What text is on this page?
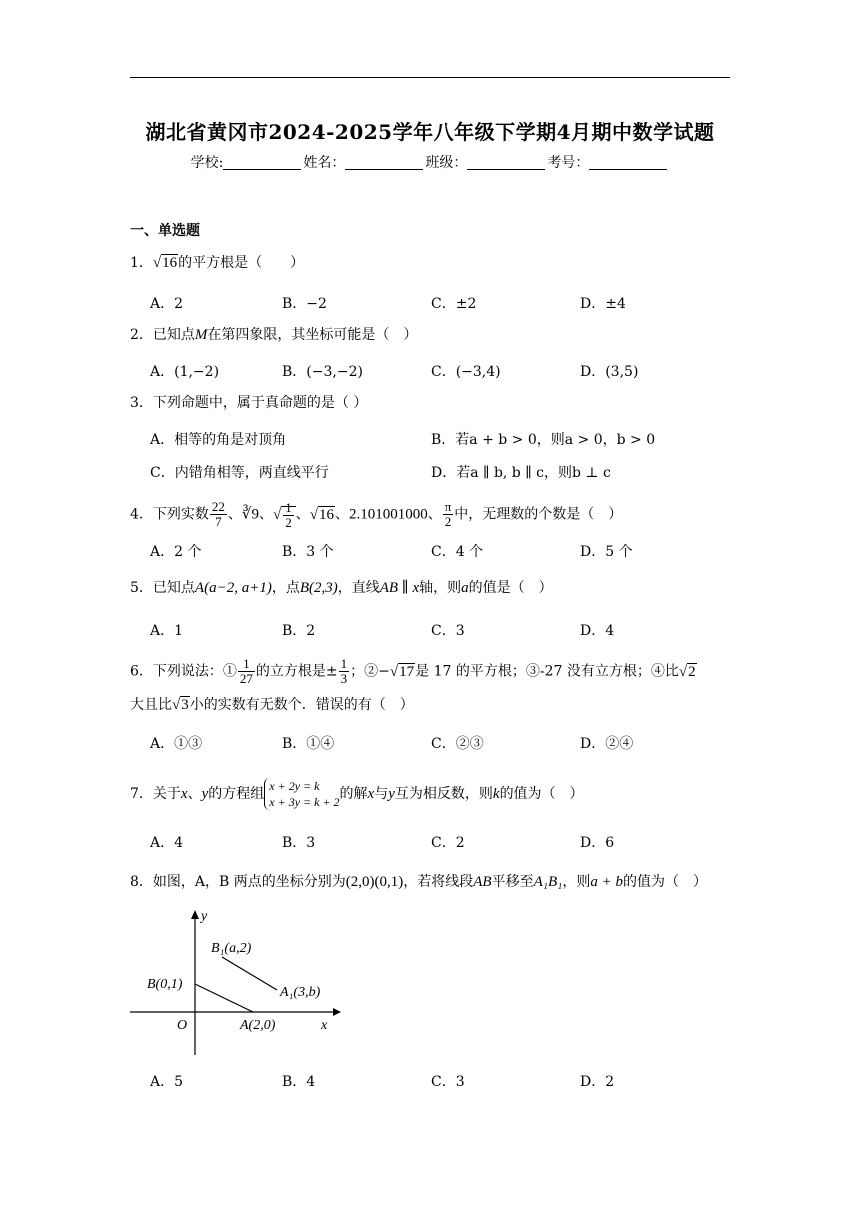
湖北省黄冈市2024-2025学年八年级下学期4月期中数学试题
学校:	姓名：	班级：	考号：
一、单选题
1．√16的平方根是（　　）
A．2	B．−2	C．±2	D．±4
2．已知点M在第四象限，其坐标可能是（　）
A．(1,−2)	B．(−3,−2)	C．(−3,4)	D．(3,5)
3．下列命题中，属于真命题的是（ ）
A．相等的角是对顶角	B．若a + b > 0，则a > 0，b > 0
C．内错角相等，两直线平行	D．若a ∥ b, b ∥ c，则b ⊥ c
4．下列实数 $\frac{22}{7}$ 、∛9、√ $\frac{1}{2}$ 、√16、2.101001000、 $\frac{\pi}{2}$ 中，无理数的个数是（　）
A．2 个	B．3 个	C．4 个	D．5 个
5．已知点A(a−2, a+1)，点B(2,3)，直线AB ∥ x轴，则a的值是（　）
A．1	B．2	C．3	D．4
6．下列说法：① $\frac{1}{27}$ 的立方根是± $\frac{1}{3}$ ；②−√17是 17 的平方根；③-27 没有立方根；④比√2
大且比√3小的实数有无数个．错误的有（　）
A．①③	B．①④	C．②③	D．②④
7．关于x、y的方程组 x + 2y = k
x + 3y = k + 2 的解x与y互为相反数，则k的值为（　）
A．4	B．3	C．2	D．6
8．如图，A，B 两点的坐标分别为(2,0)(0,1)，若将线段AB平移至A₁B₁，则a + b的值为（　）
y
x
O
B(0,1)
A(2,0)
B₁(a,2)
A₁(3,b)
A．5	B．4	C．3	D．2
